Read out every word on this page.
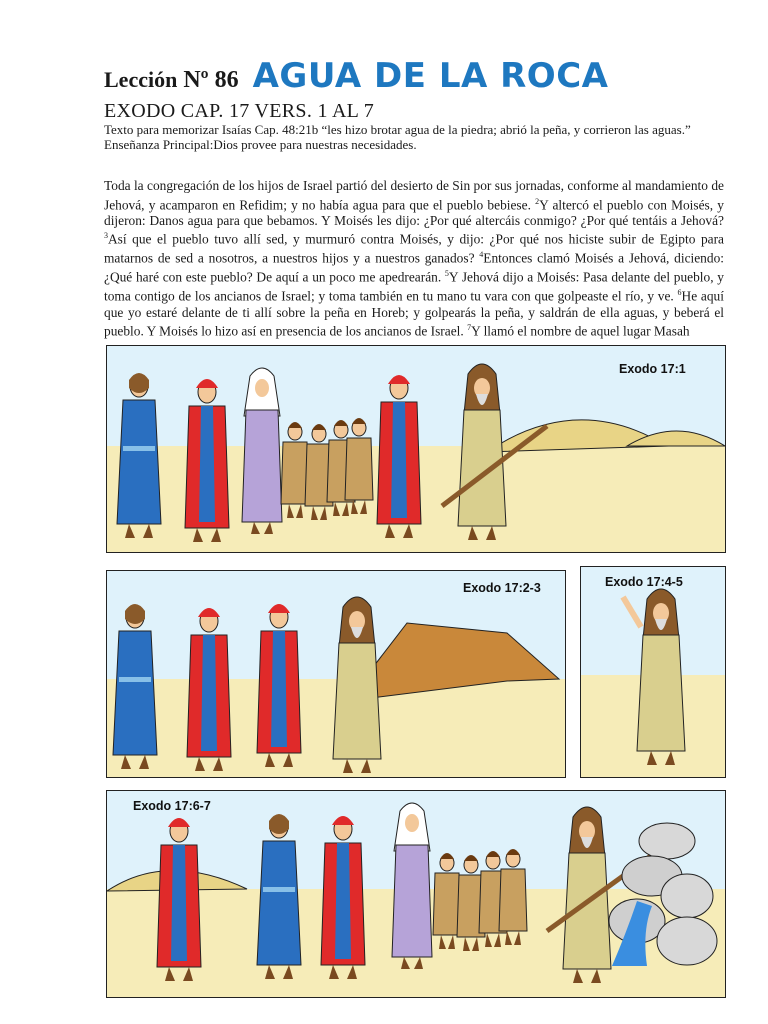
Lección Nº 86 AGUA DE LA ROCA
EXODO CAP. 17 VERS. 1 AL 7
Texto para memorizar Isaías Cap. 48:21b “les hizo brotar agua de la piedra; abrió la peña, y corrieron las aguas.”
Enseñanza Principal:Dios provee para nuestras necesidades.
Toda la congregación de los hijos de Israel partió del desierto de Sin por sus jornadas, conforme al mandamiento de Jehová, y acamparon en Refidim; y no había agua para que el pueblo bebiese. $^2$Y altercó el pueblo con Moisés, y dijeron: Danos agua para que bebamos. Y Moisés les dijo: ¿Por qué altercáis conmigo? ¿Por qué tentáis a Jehová? $^3$Así que el pueblo tuvo allí sed, y murmuró contra Moisés, y dijo: ¿Por qué nos hiciste subir de Egipto para matarnos de sed a nosotros, a nuestros hijos y a nuestros ganados? $^4$Entonces clamó Moisés a Jehová, diciendo: ¿Qué haré con este pueblo? De aquí a un poco me apedrearán. $^5$Y Jehová dijo a Moisés: Pasa delante del pueblo, y toma contigo de los ancianos de Israel; y toma también en tu mano tu vara con que golpeaste el río, y ve. $^6$He aquí que yo estaré delante de ti allí sobre la peña en Horeb; y golpearás la peña, y saldrán de ella aguas, y beberá el pueblo. Y Moisés lo hizo así en presencia de los ancianos de Israel. $^7$Y llamó el nombre de aquel lugar Masah
Exodo 17:1
Exodo 17:2-3	Exodo 17:4-5
Exodo 17:6-7
